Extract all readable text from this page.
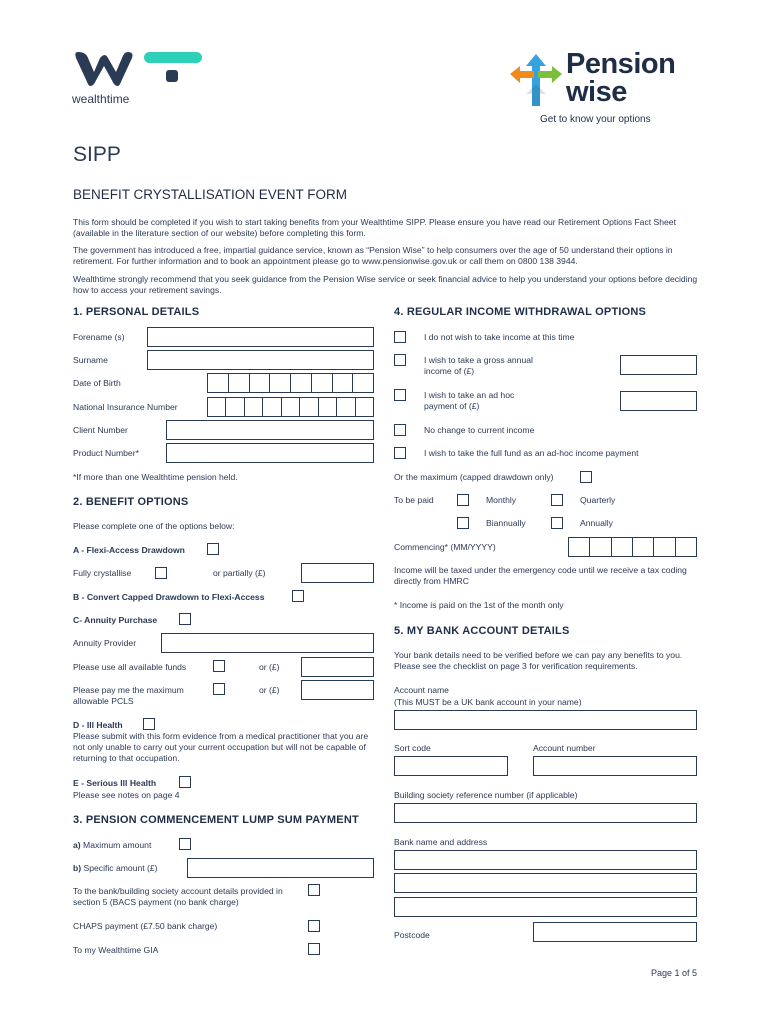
wealthtime
Pension
wise
Get to know your options
SIPP
BENEFIT CRYSTALLISATION EVENT FORM
This form should be completed if you wish to start taking benefits from your Wealthtime SIPP. Please ensure you have read our Retirement Options Fact Sheet (available in the literature section of our website) before completing this form.
The government has introduced a free, impartial guidance service, known as “Pension Wise” to help consumers over the age of 50 understand their options in retirement. For further information and to book an appointment please go to www.pensionwise.gov.uk or call them on 0800 138 3944.
Wealthtime strongly recommend that you seek guidance from the Pension Wise service or seek financial advice to help you understand your options before deciding how to access your retirement savings.
1. PERSONAL DETAILS
Forename (s)
Surname
Date of Birth
National Insurance Number
Client Number
Product Number*
*If more than one Wealthtime pension held.
2. BENEFIT OPTIONS
Please complete one of the options below:
A - Flexi-Access Drawdown
Fully crystallise	or partially (£)
B - Convert Capped Drawdown to Flexi-Access
C- Annuity Purchase
Annuity Provider
Please use all available funds	or (£)
Please pay me the maximum allowable PCLS
or (£)
D - Ill Health
Please submit with this form evidence from a medical practitioner that you are not only unable to carry out your current occupation but will not be capable of returning to that occupation.
E - Serious Ill Health
Please see notes on page 4
3. PENSION COMMENCEMENT LUMP SUM PAYMENT
a) Maximum amount
b) Specific amount (£)
To the bank/building society account details provided in section 5 (BACS payment (no bank charge)
CHAPS payment (£7.50 bank charge)
To my Wealthtime GIA
4. REGULAR INCOME WITHDRAWAL OPTIONS
I do not wish to take income at this time
I wish to take a gross annual income of (£)
I wish to take an ad hoc payment of (£)
No change to current income
I wish to take the full fund as an ad-hoc income payment
Or the maximum (capped drawdown only)
To be paid	Monthly	Quarterly
Biannually	Annually
Commencing* (MM/YYYY)
Income will be taxed under the emergency code until we receive a tax coding directly from HMRC
* Income is paid on the 1st of the month only
5. MY BANK ACCOUNT DETAILS
Your bank details need to be verified before we can pay any benefits to you. Please see the checklist on page 3 for verification requirements.
Account name
(This MUST be a UK bank account in your name)
Sort code	Account number
Building society reference number (if applicable)
Bank name and address
Postcode
Page 1 of 5
